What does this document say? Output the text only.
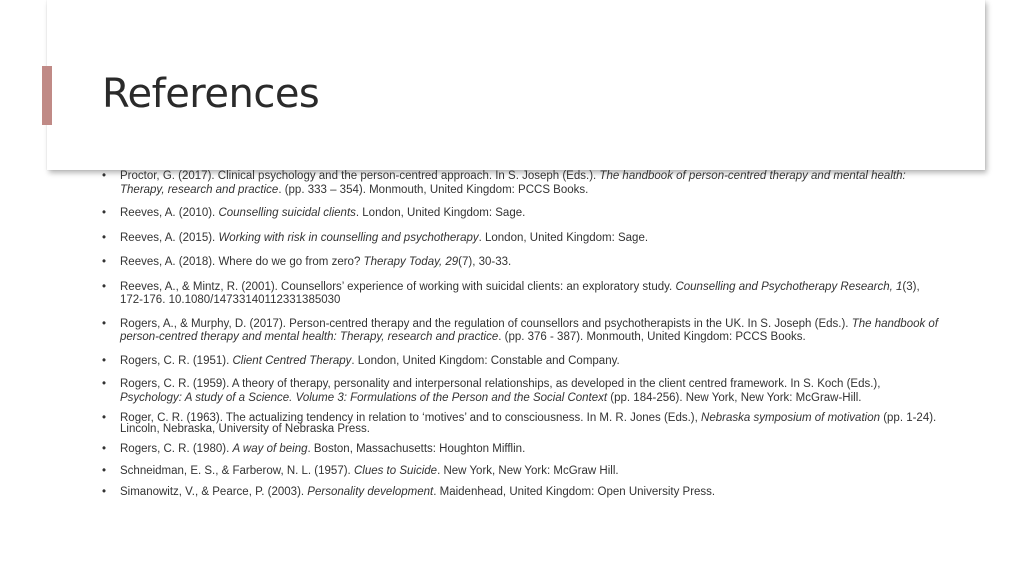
References
• Proctor, G. (2017). Clinical psychology and the person-centred approach. In S. Joseph (Eds.). The handbook of person-centred therapy and mental health: Therapy, research and practice. (pp. 333 – 354). Monmouth, United Kingdom: PCCS Books.
• Reeves, A. (2010). Counselling suicidal clients. London, United Kingdom: Sage.
• Reeves, A. (2015). Working with risk in counselling and psychotherapy. London, United Kingdom: Sage.
• Reeves, A. (2018). Where do we go from zero? Therapy Today, 29(7), 30-33.
• Reeves, A., & Mintz, R. (2001). Counsellors’ experience of working with suicidal clients: an exploratory study. Counselling and Psychotherapy Research, 1(3), 172-176. 10.1080/14733140112331385030
• Rogers, A., & Murphy, D. (2017). Person-centred therapy and the regulation of counsellors and psychotherapists in the UK. In S. Joseph (Eds.). The handbook of person-centred therapy and mental health: Therapy, research and practice. (pp. 376 - 387). Monmouth, United Kingdom: PCCS Books.
• Rogers, C. R. (1951). Client Centred Therapy. London, United Kingdom: Constable and Company.
• Rogers, C. R. (1959). A theory of therapy, personality and interpersonal relationships, as developed in the client centred framework. In S. Koch (Eds.), Psychology: A study of a Science. Volume 3: Formulations of the Person and the Social Context (pp. 184-256). New York, New York: McGraw-Hill.
• Roger, C. R. (1963). The actualizing tendency in relation to ‘motives’ and to consciousness. In M. R. Jones (Eds.), Nebraska symposium of motivation (pp. 1-24). Lincoln, Nebraska, University of Nebraska Press.
• Rogers, C. R. (1980). A way of being. Boston, Massachusetts: Houghton Mifflin.
• Schneidman, E. S., & Farberow, N. L. (1957). Clues to Suicide. New York, New York: McGraw Hill.
• Simanowitz, V., & Pearce, P. (2003). Personality development. Maidenhead, United Kingdom: Open University Press.
